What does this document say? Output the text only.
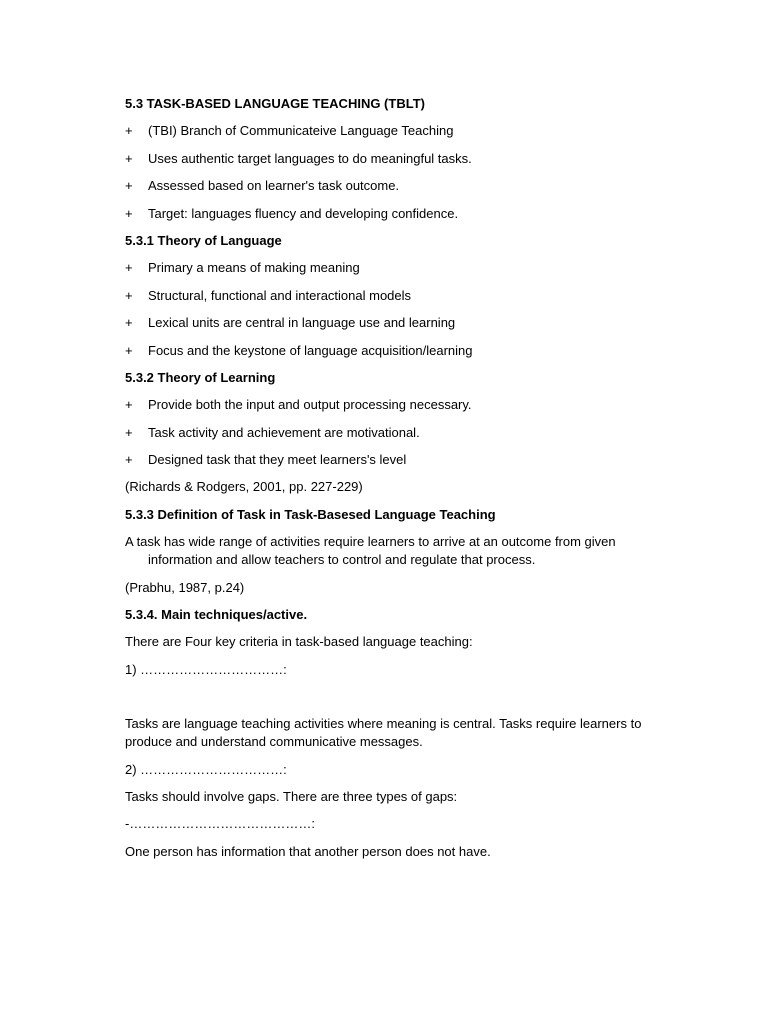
5.3 TASK-BASED LANGUAGE TEACHING (TBLT)

+	(TBI) Branch of Communicateive Language Teaching
+	Uses authentic target languages to do meaningful tasks.
+	Assessed based on learner's task outcome.
+	Target: languages fluency and developing confidence.

5.3.1 Theory of Language

+	Primary a means of making meaning
+	Structural, functional and interactional models
+	Lexical units are central in language use and learning
+	Focus and the keystone of language acquisition/learning

5.3.2 Theory of Learning

+	Provide both the input and output processing necessary.
+	Task activity and achievement are motivational.
+	Designed task that they meet learners's level

(Richards & Rodgers, 2001, pp. 227-229)

5.3.3 Definition of Task in Task-Basesed Language Teaching

A task has wide range of activities require learners to arrive at an outcome from given information and allow teachers to control and regulate that process.

(Prabhu, 1987, p.24)

5.3.4. Main techniques/active.

There are Four key criteria in task-based language teaching:

1) ……………………………:

Tasks are language teaching activities where meaning is central. Tasks require learners to produce and understand communicative messages.

2) ……………………………:

Tasks should involve gaps. There are three types of gaps:

-……………………………………:

One person has information that another person does not have.
